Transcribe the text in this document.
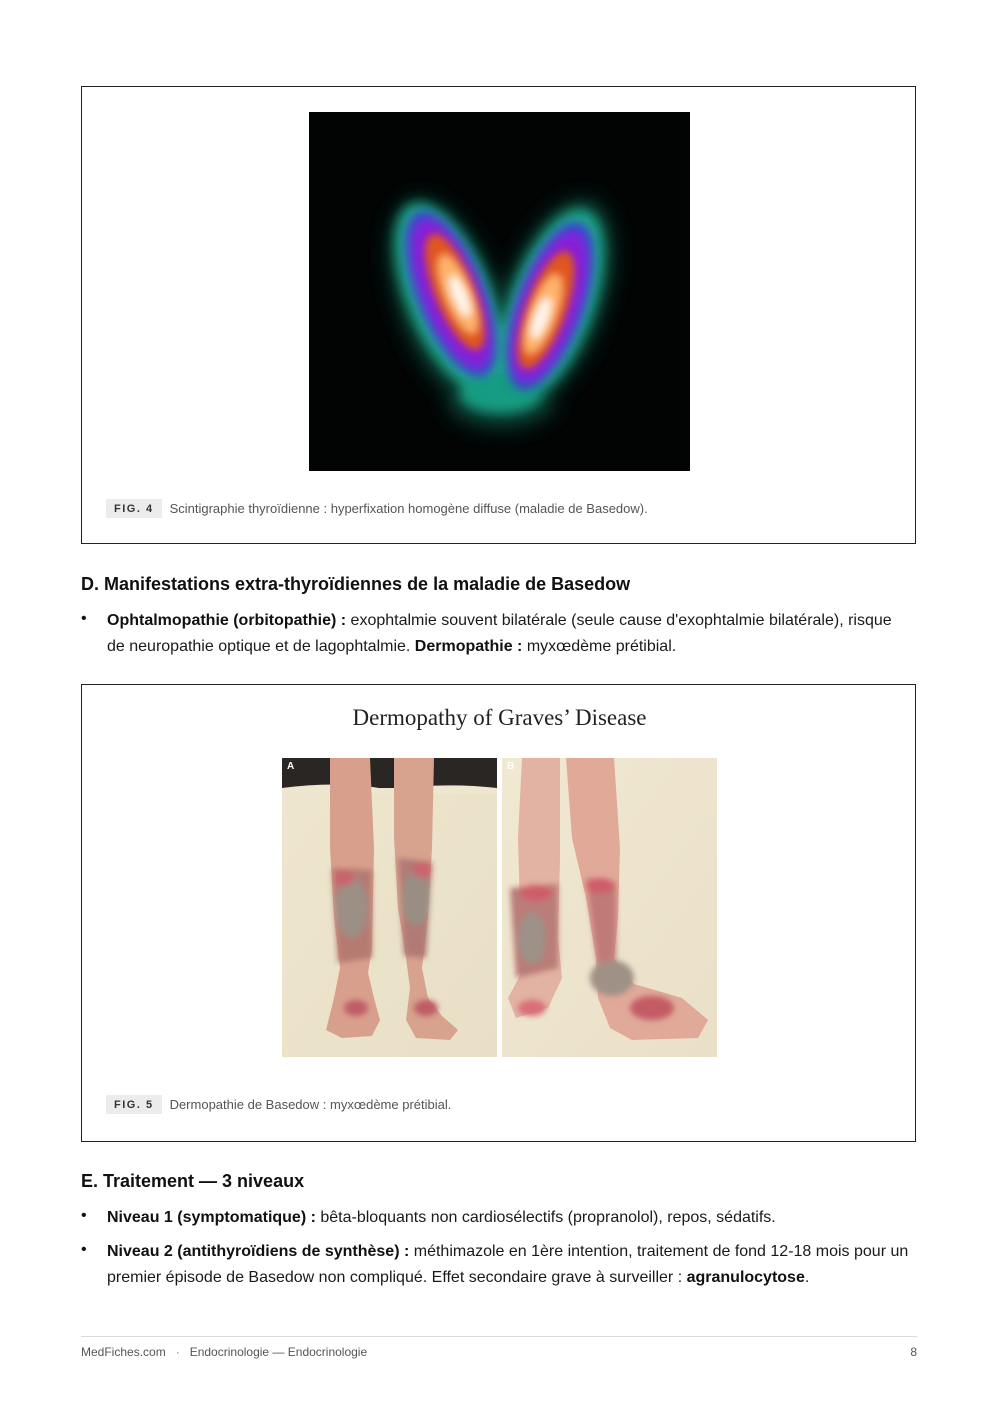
FIG. 4	Scintigraphie thyroïdienne : hyperfixation homogène diffuse (maladie de Basedow).
D. Manifestations extra-thyroïdiennes de la maladie de Basedow
• Ophtalmopathie (orbitopathie) : exophtalmie souvent bilatérale (seule cause d'exophtalmie bilatérale), risque de neuropathie optique et de lagophtalmie. Dermopathie : myxœdème prétibial.
Dermopathy of Graves’ Disease
A	B
FIG. 5	Dermopathie de Basedow : myxœdème prétibial.
E. Traitement — 3 niveaux
• Niveau 1 (symptomatique) : bêta-bloquants non cardiosélectifs (propranolol), repos, sédatifs.
• Niveau 2 (antithyroïdiens de synthèse) : méthimazole en 1ère intention, traitement de fond 12-18 mois pour un premier épisode de Basedow non compliqué. Effet secondaire grave à surveiller : agranulocytose.
MedFiches.com · Endocrinologie — Endocrinologie	8
